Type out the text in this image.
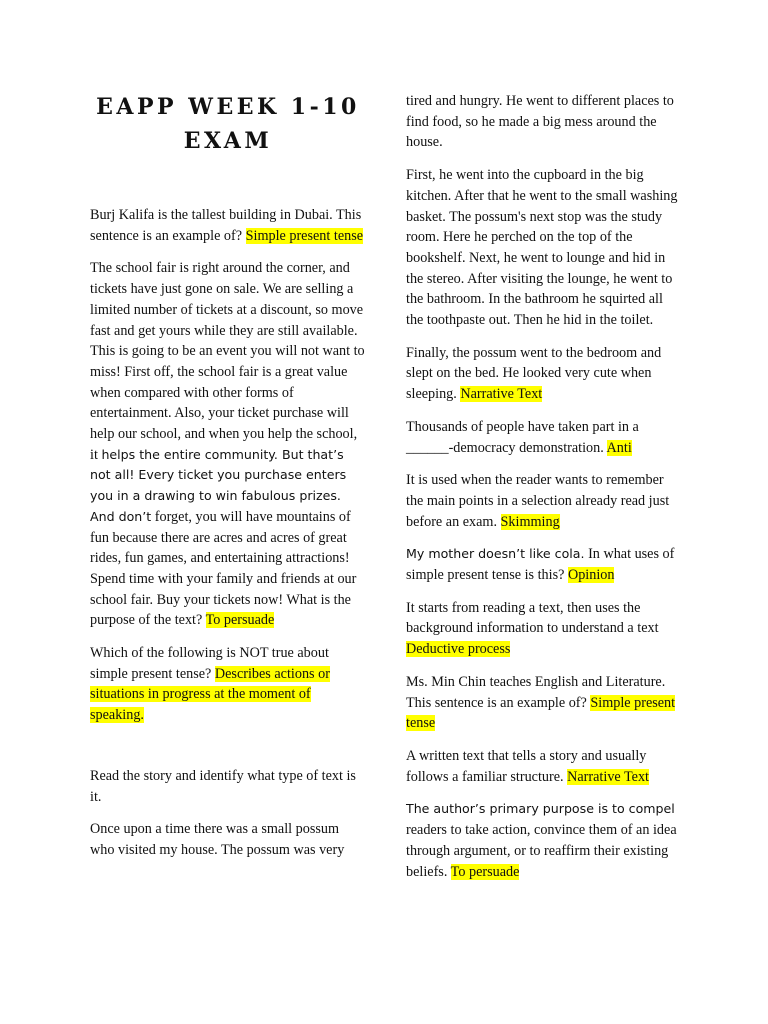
EAPP WEEK 1-10 EXAM

Burj Kalifa is the tallest building in Dubai. This sentence is an example of? Simple present tense

The school fair is right around the corner, and tickets have just gone on sale. We are selling a limited number of tickets at a discount, so move fast and get yours while they are still available. This is going to be an event you will not want to miss! First off, the school fair is a great value when compared with other forms of entertainment. Also, your ticket purchase will help our school, and when you help the school, it helps the entire community. But that’s not all! Every ticket you purchase enters you in a drawing to win fabulous prizes. And don’t forget, you will have mountains of fun because there are acres and acres of great rides, fun games, and entertaining attractions! Spend time with your family and friends at our school fair. Buy your tickets now! What is the purpose of the text? To persuade

Which of the following is NOT true about simple present tense? Describes actions or situations in progress at the moment of speaking.

Read the story and identify what type of text is it.

Once upon a time there was a small possum who visited my house. The possum was very

tired and hungry. He went to different places to find food, so he made a big mess around the house.

First, he went into the cupboard in the big kitchen. After that he went to the small washing basket. The possum's next stop was the study room. Here he perched on the top of the bookshelf. Next, he went to lounge and hid in the stereo. After visiting the lounge, he went to the bathroom. In the bathroom he squirted all the toothpaste out. Then he hid in the toilet.

Finally, the possum went to the bedroom and slept on the bed. He looked very cute when sleeping. Narrative Text

Thousands of people have taken part in a ______-democracy demonstration. Anti

It is used when the reader wants to remember the main points in a selection already read just before an exam. Skimming

My mother doesn’t like cola. In what uses of simple present tense is this? Opinion

It starts from reading a text, then uses the background information to understand a text Deductive process

Ms. Min Chin teaches English and Literature. This sentence is an example of? Simple present tense

A written text that tells a story and usually follows a familiar structure. Narrative Text

The author’s primary purpose is to compel readers to take action, convince them of an idea through argument, or to reaffirm their existing beliefs. To persuade
